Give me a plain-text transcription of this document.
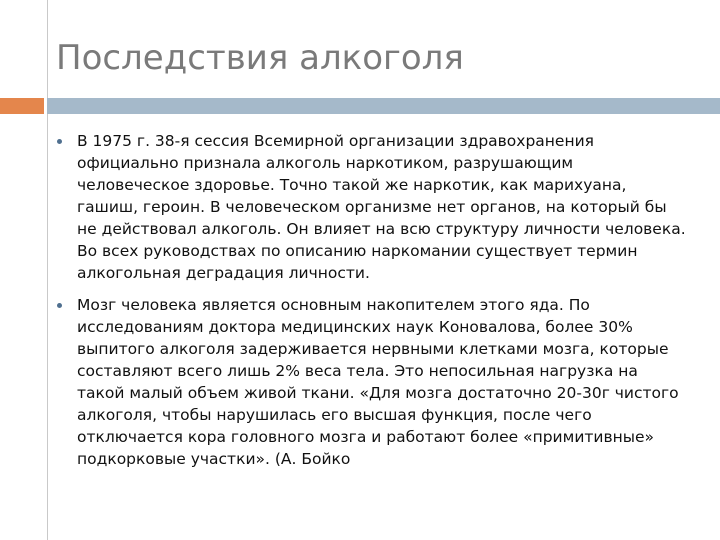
Последствия алкоголя
В 1975 г. 38-я сессия Всемирной организации здравохранения официально признала алкоголь наркотиком, разрушающим человеческое здоровье. Точно такой же наркотик, как марихуана, гашиш, героин. В человеческом организме нет органов, на который бы не действовал алкоголь. Он влияет на всю структуру личности человека. Во всех руководствах по описанию наркомании существует термин алкогольная деградация личности.
Мозг человека является основным накопителем этого яда. По исследованиям доктора медицинских наук Коновалова, более 30% выпитого алкоголя задерживается нервными клетками мозга, которые составляют всего лишь 2% веса тела. Это непосильная нагрузка на такой малый объем живой ткани. «Для мозга достаточно 20-30г чистого алкоголя, чтобы нарушилась его высшая функция, после чего отключается кора головного мозга и работают более «примитивные» подкорковые участки». (А. Бойко
